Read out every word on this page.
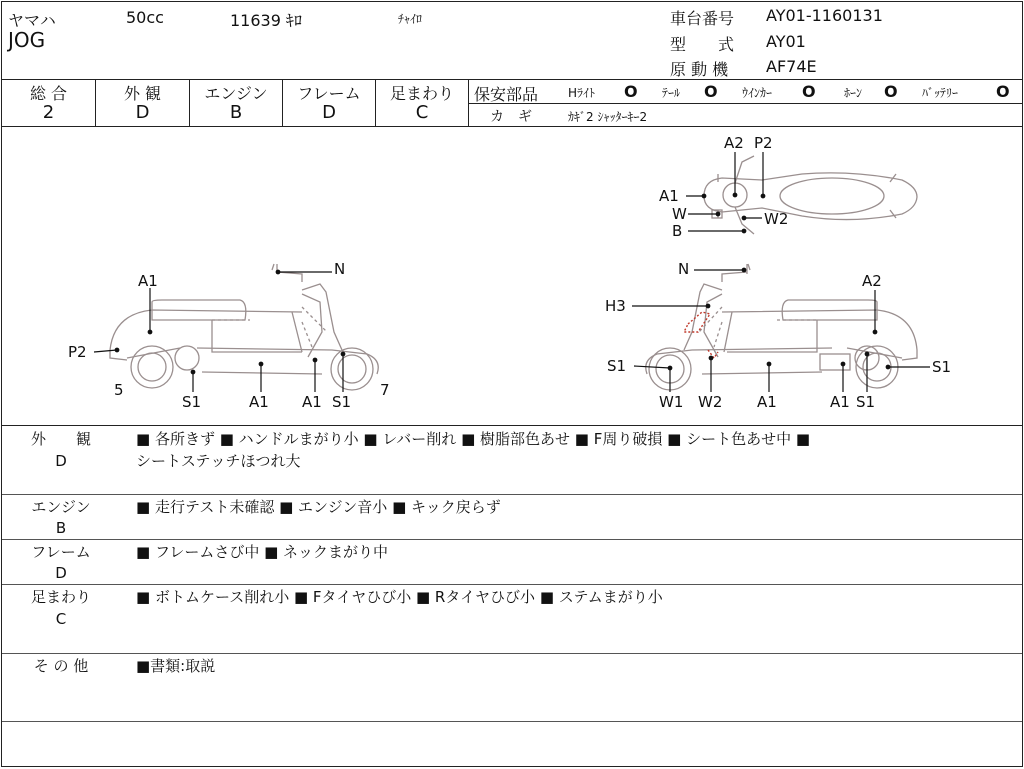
ヤマハ	50cc	11639 ｷﾛ	ﾁｬｲﾛ
JOG
車台番号 AY01-1160131
型　　式 AY01
原 動 機 AF74E
総 合
2
外 観
D
エンジン
B
フレーム
D
足まわり
C
保安部品 Hﾗｲﾄ O ﾃｰﾙ O ｳｲﾝｶｰ O ﾎｰﾝ O ﾊﾞｯﾃﾘｰ O
カ　ギ	ｶｷﾞ2 ｼｬｯﾀｰｷｰ2
A1
N
P2
5	7
S1	A1 A1 S1
A2 P2
A1
W	W2
B
N
A2
H3
S1	S1
W1 W2 A1	A1 S1
外　　観
D
■ 各所きず ■ ハンドルまがり小 ■ レバー削れ ■ 樹脂部色あせ ■ F周り破損 ■ シート色あせ中 ■
シートステッチほつれ大
エンジン
B
■ 走行テスト未確認 ■ エンジン音小 ■ キック戻らず
フレーム
D
■ フレームさび中 ■ ネックまがり中
足まわり
C
■ ボトムケース削れ小 ■ Fタイヤひび小 ■ Rタイヤひび小 ■ ステムまがり小
そ の 他	■書類:取説
